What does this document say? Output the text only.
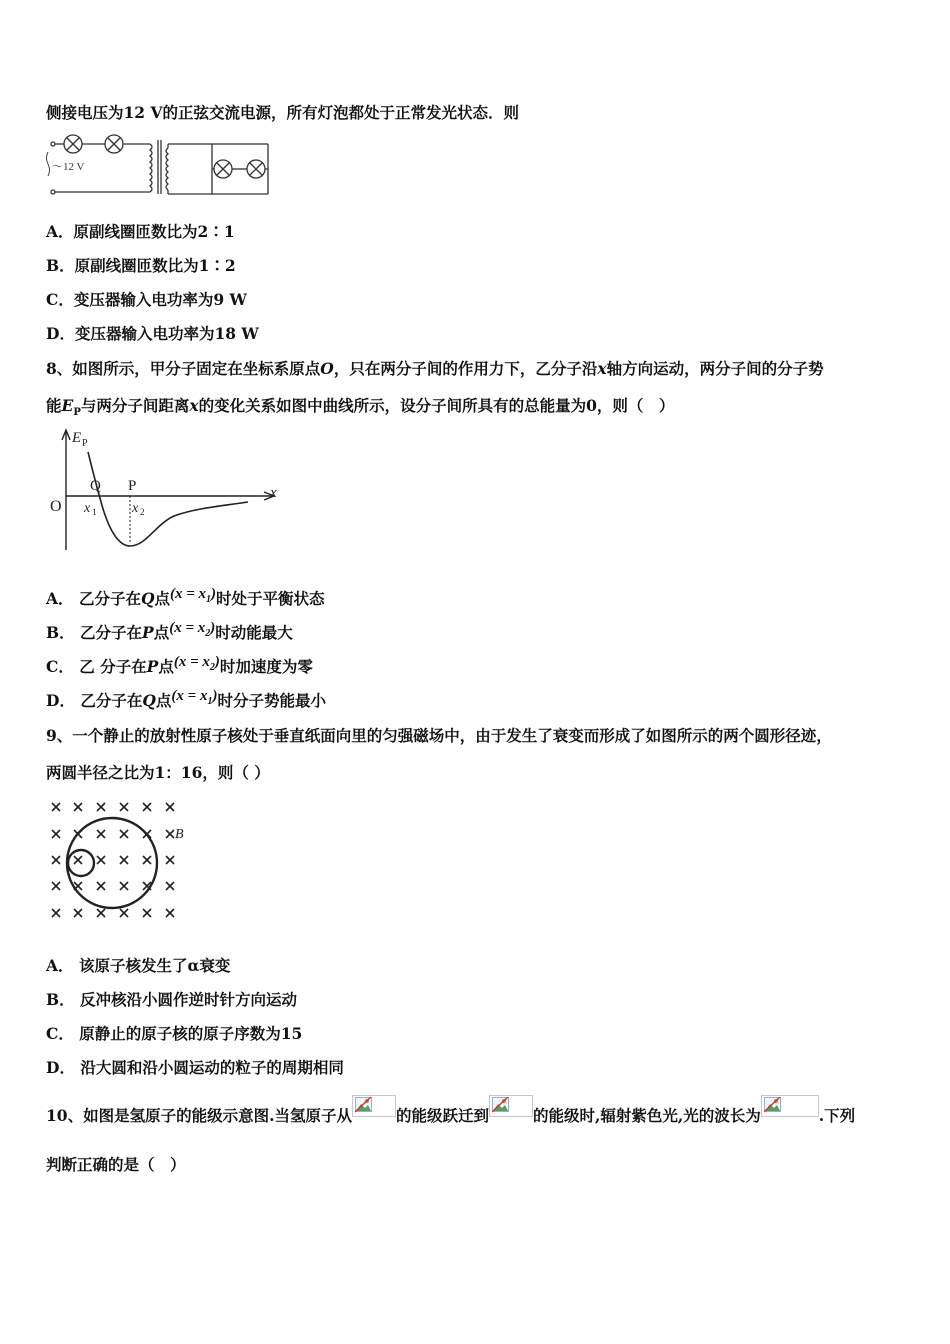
侧接电压为12 V的正弦交流电源，所有灯泡都处于正常发光状态．则
～12 V
A．原副线圈匝数比为2∶1
B．原副线圈匝数比为1∶2
C．变压器输入电功率为9 W
D．变压器输入电功率为18 W
8、如图所示，甲分子固定在坐标系原点O，只在两分子间的作用力下，乙分子沿x轴方向运动，两分子间的分子势
能$E_P$与两分子间距离x的变化关系如图中曲线所示，设分子间所具有的总能量为0，则（　）
E P
O
Q P
x 1	x 2
x
A． 乙分子在Q点$(x = x_1)$时处于平衡状态
B． 乙分子在P点$(x = x_2)$时动能最大
C． 乙 分子在P点$(x = x_2)$时加速度为零
D． 乙分子在Q点$(x = x_1)$时分子势能最小
9、一个静止的放射性原子核处于垂直纸面向里的匀强磁场中，由于发生了衰变而形成了如图所示的两个圆形径迹，
两圆半径之比为1：16，则（ ）
B
A． 该原子核发生了α衰变
B． 反冲核沿小圆作逆时针方向运动
C． 原静止的原子核的原子序数为15
D． 沿大圆和沿小圆运动的粒子的周期相同
10、如图是氢原子的能级示意图.当氢原子从	的能级跃迁到	的能级时,辐射紫色光,光的波长为	.下列
判断正确的是（　）
